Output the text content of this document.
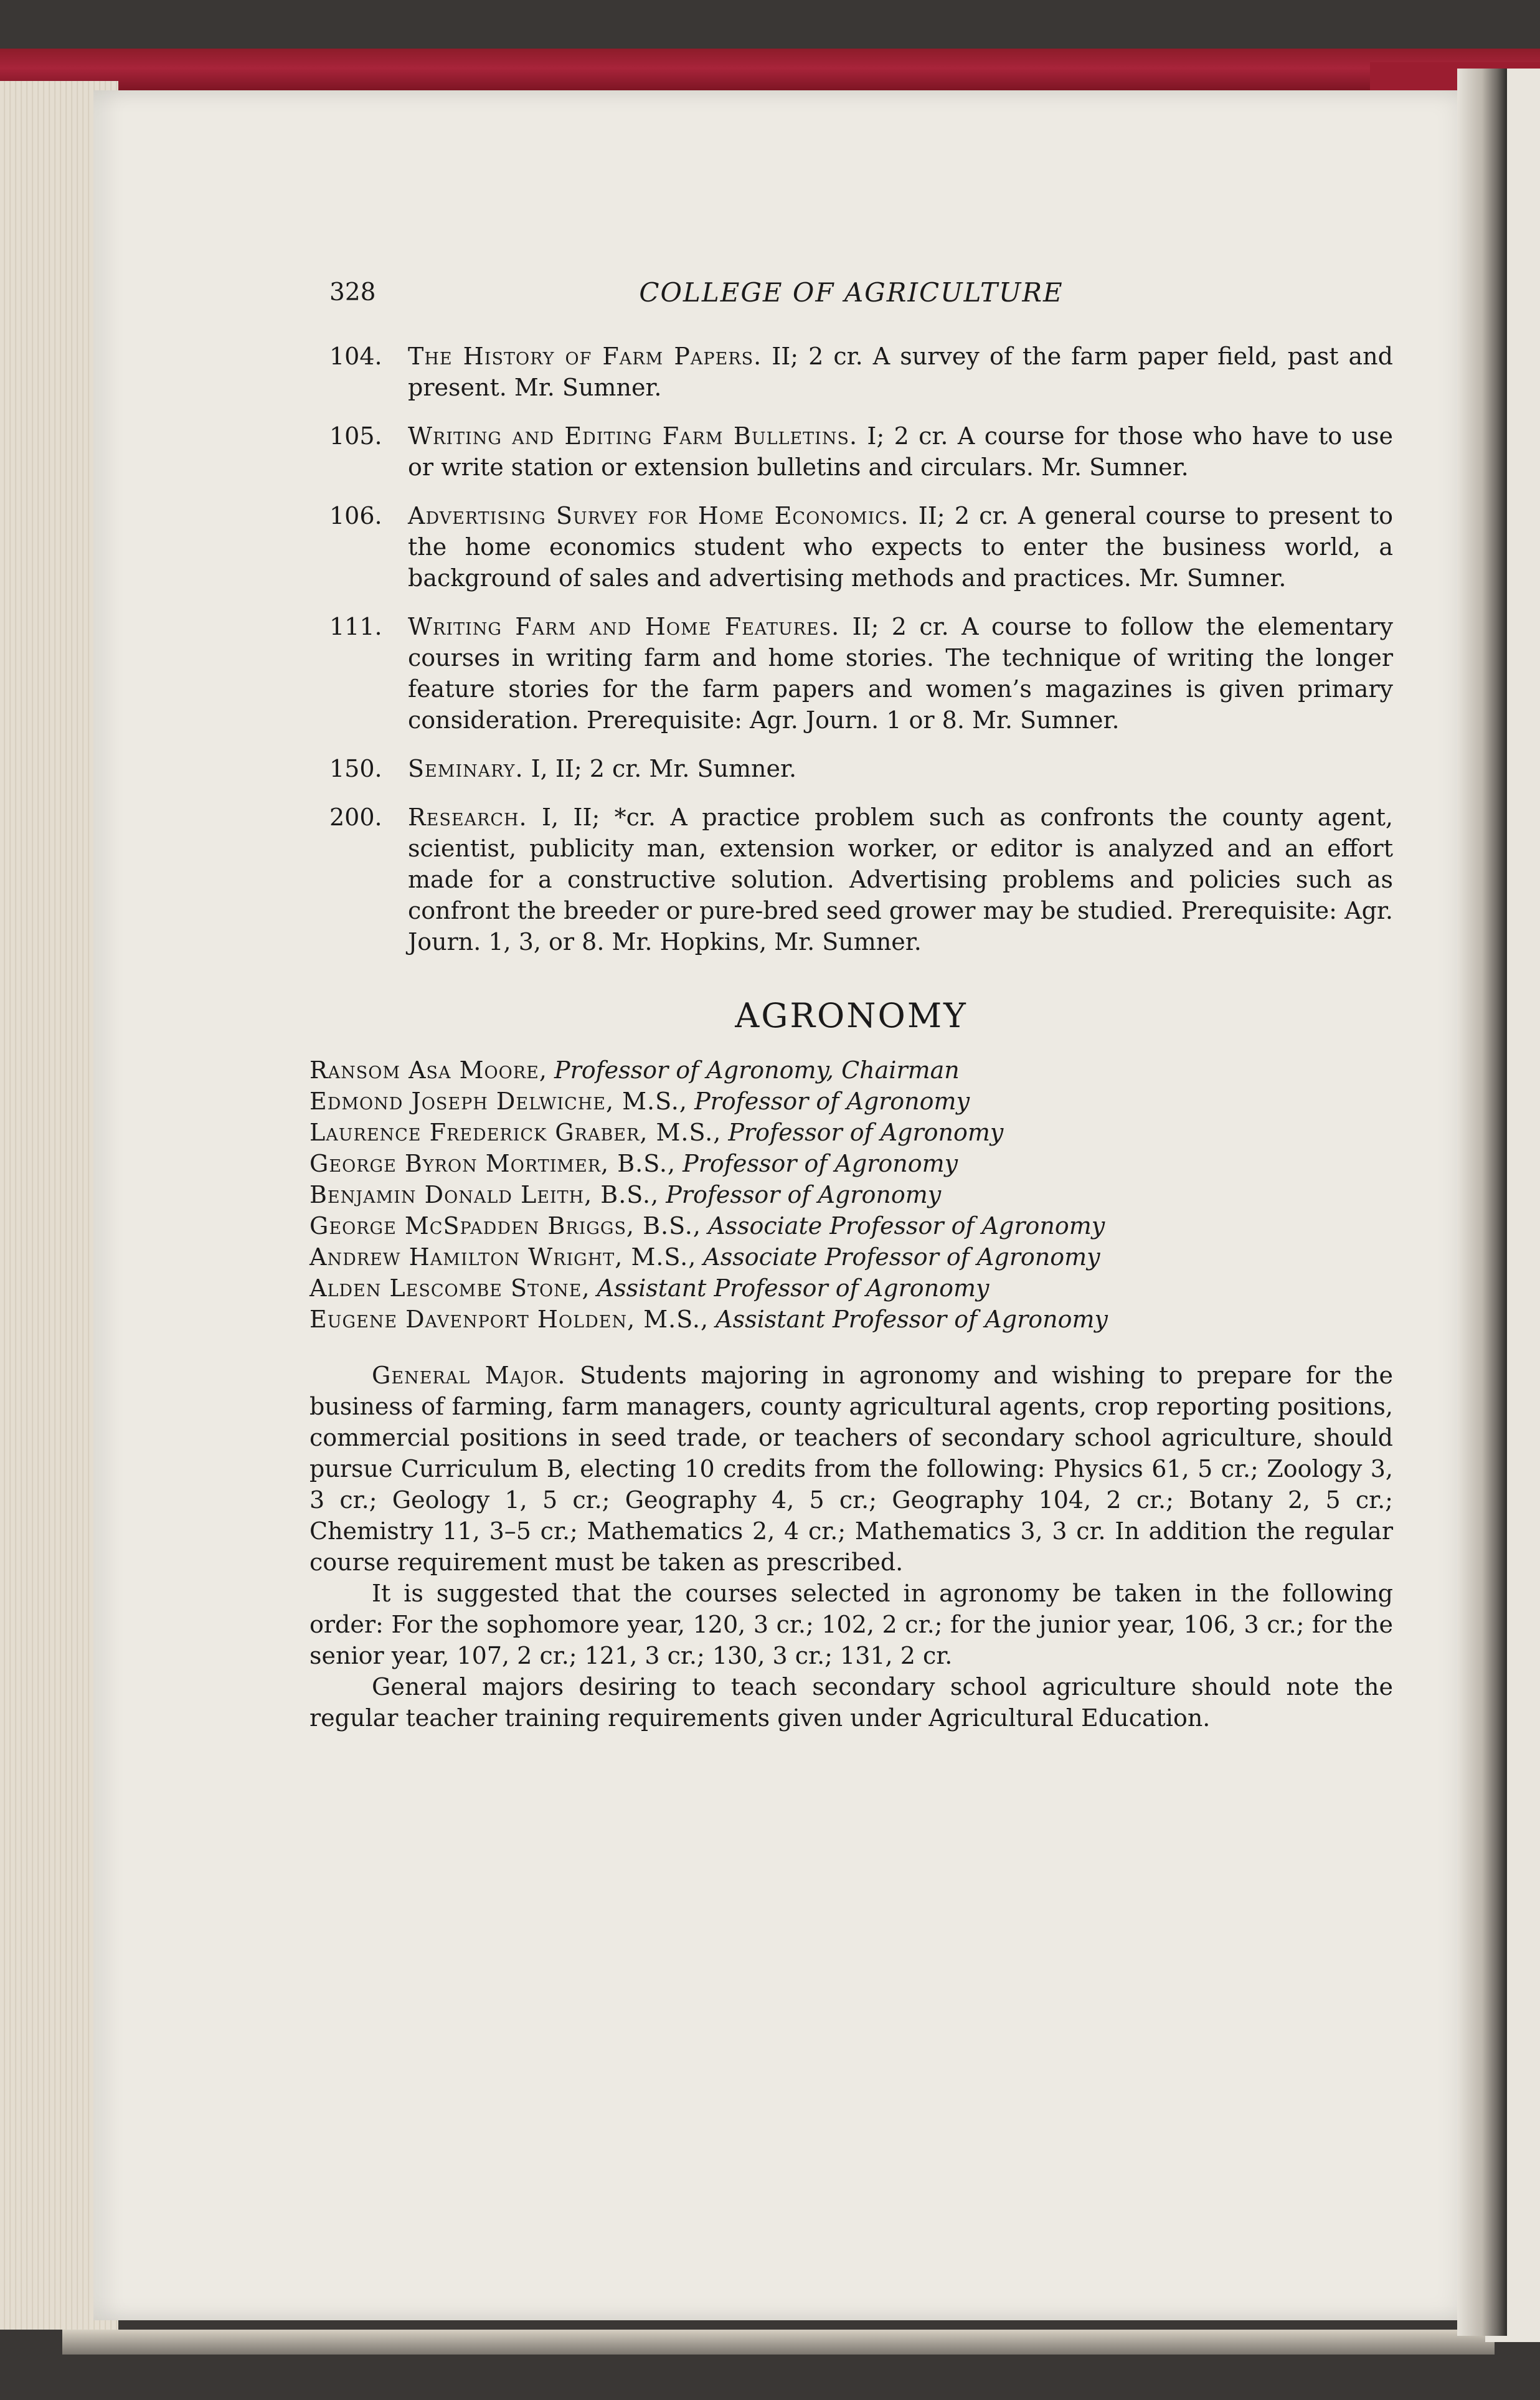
328	COLLEGE OF AGRICULTURE
104. The History of Farm Papers. II; 2 cr. A survey of the farm paper field, past and present. Mr. Sumner.
105. Writing and Editing Farm Bulletins. I; 2 cr. A course for those who have to use or write station or extension bulletins and circulars. Mr. Sumner.
106. Advertising Survey for Home Economics. II; 2 cr. A general course to present to the home economics student who expects to enter the business world, a background of sales and advertising methods and practices. Mr. Sumner.
111. Writing Farm and Home Features. II; 2 cr. A course to follow the elementary courses in writing farm and home stories. The technique of writing the longer feature stories for the farm papers and women’s magazines is given primary consideration. Prerequisite: Agr. Journ. 1 or 8. Mr. Sumner.
150. Seminary. I, II; 2 cr. Mr. Sumner.
200. Research. I, II; *cr. A practice problem such as confronts the county agent, scientist, publicity man, extension worker, or editor is analyzed and an effort made for a constructive solution. Advertising problems and policies such as confront the breeder or pure-bred seed grower may be studied. Prerequisite: Agr. Journ. 1, 3, or 8. Mr. Hopkins, Mr. Sumner.
AGRONOMY
Ransom Asa Moore, Professor of Agronomy, Chairman
Edmond Joseph Delwiche, M.S., Professor of Agronomy
Laurence Frederick Graber, M.S., Professor of Agronomy
George Byron Mortimer, B.S., Professor of Agronomy
Benjamin Donald Leith, B.S., Professor of Agronomy
George McSpadden Briggs, B.S., Associate Professor of Agronomy
Andrew Hamilton Wright, M.S., Associate Professor of Agronomy
Alden Lescombe Stone, Assistant Professor of Agronomy
Eugene Davenport Holden, M.S., Assistant Professor of Agronomy

General Major. Students majoring in agronomy and wishing to prepare for the business of farming, farm managers, county agricultural agents, crop reporting positions, commercial positions in seed trade, or teachers of secondary school agriculture, should pursue Curriculum B, electing 10 credits from the following: Physics 61, 5 cr.; Zoology 3, 3 cr.; Geology 1, 5 cr.; Geography 4, 5 cr.; Geography 104, 2 cr.; Botany 2, 5 cr.; Chemistry 11, 3–5 cr.; Mathematics 2, 4 cr.; Mathematics 3, 3 cr. In addition the regular course requirement must be taken as prescribed.

It is suggested that the courses selected in agronomy be taken in the following order: For the sophomore year, 120, 3 cr.; 102, 2 cr.; for the junior year, 106, 3 cr.; for the senior year, 107, 2 cr.; 121, 3 cr.; 130, 3 cr.; 131, 2 cr.

General majors desiring to teach secondary school agriculture should note the regular teacher training requirements given under Agricultural Education.
